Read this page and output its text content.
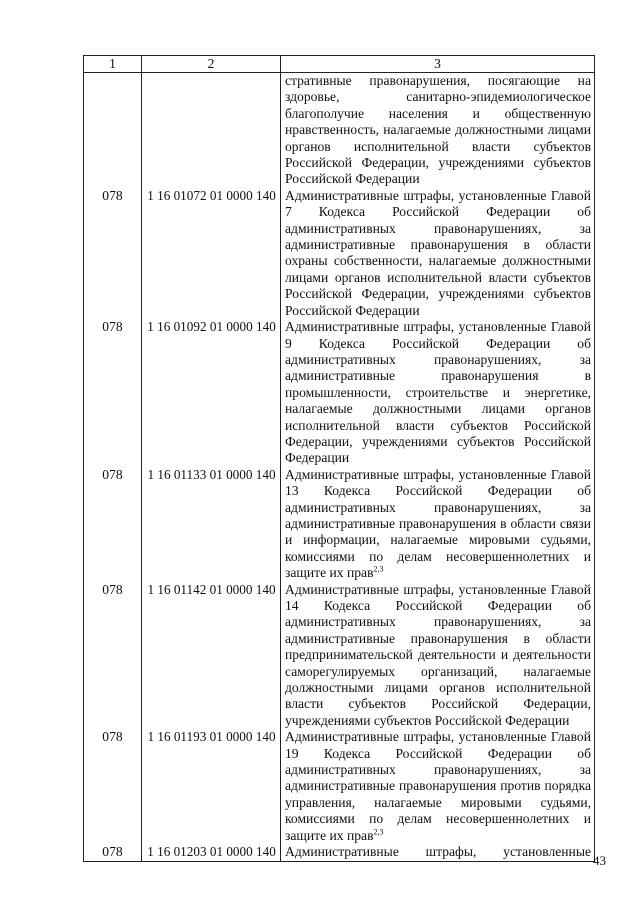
1	2	3
		стративные правонарушения, посягающие на здоровье, санитарно-эпидемиологическое благополучие населения и общественную нравственность, налагаемые должностными лицами органов исполнительной власти субъектов Российской Федерации, учреждениями субъектов Российской Федерации
078	1 16 01072 01 0000 140	Административные штрафы, установленные Главой 7 Кодекса Российской Федерации об административных правонарушениях, за административные правонарушения в области охраны собственности, налагаемые должностными лицами органов исполнительной власти субъектов Российской Федерации, учреждениями субъектов Российской Федерации
078	1 16 01092 01 0000 140	Административные штрафы, установленные Главой 9 Кодекса Российской Федерации об административных правонарушениях, за административные правонарушения в промышленности, строительстве и энергетике, налагаемые должностными лицами органов исполнительной власти субъектов Российской Федерации, учреждениями субъектов Российской Федерации
078	1 16 01133 01 0000 140	Административные штрафы, установленные Главой 13 Кодекса Российской Федерации об административных правонарушениях, за административные правонарушения в области связи и информации, налагаемые мировыми судьями, комиссиями по делам несовершеннолетних и защите их прав$^{2,3}$
078	1 16 01142 01 0000 140	Административные штрафы, установленные Главой 14 Кодекса Российской Федерации об административных правонарушениях, за административные правонарушения в области предпринимательской деятельности и деятельности саморегулируемых организаций, налагаемые должностными лицами органов исполнительной власти субъектов Российской Федерации, учреждениями субъектов Российской Федерации
078	1 16 01193 01 0000 140	Административные штрафы, установленные Главой 19 Кодекса Российской Федерации об административных правонарушениях, за административные правонарушения против порядка управления, налагаемые мировыми судьями, комиссиями по делам несовершеннолетних и защите их прав$^{2,3}$
078	1 16 01203 01 0000 140	Административные штрафы, установленные
43
